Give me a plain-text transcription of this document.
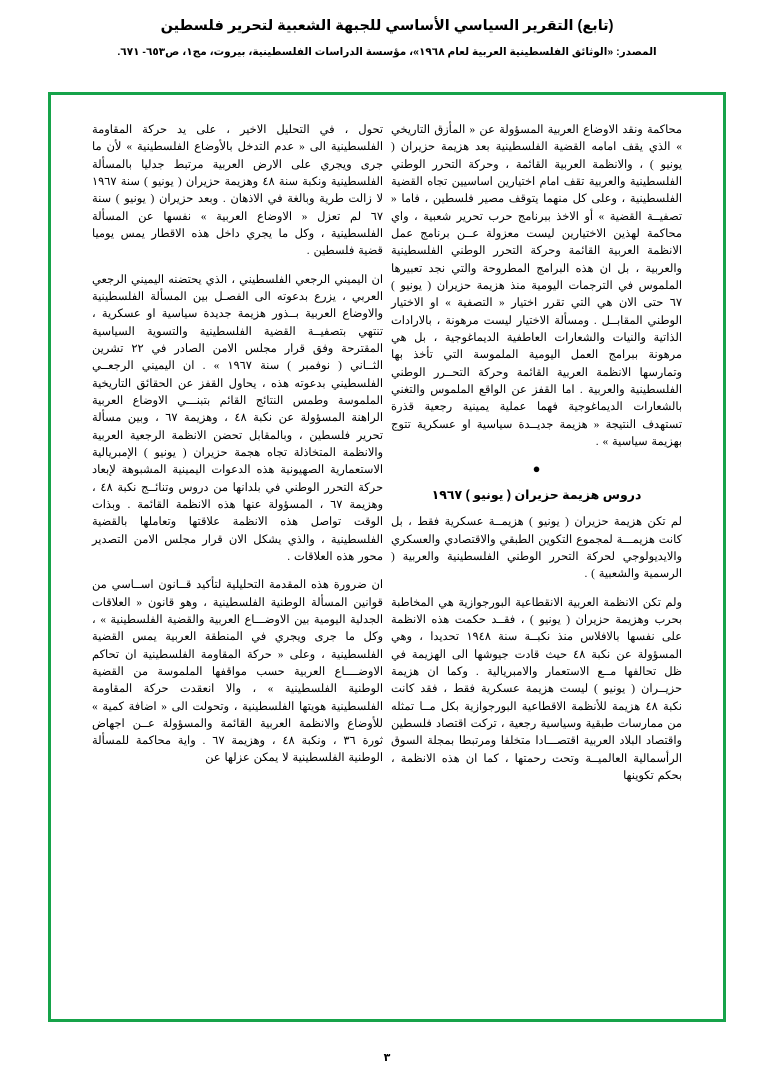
(تابع) التقرير السياسي الأساسي للجبهة الشعبية لتحرير فلسطين
المصدر: «الوثائق الفلسطينية العربية لعام ١٩٦٨»، مؤسسة الدراسات الفلسطينية، بيروت، مج١، ص٦٥٣- ٦٧١.

تحول ، في التحليل الاخير ، على يد حركة المقاومة الفلسطينية الى « عدم التدخل بالأوضاع الفلسطينية » لأن ما جرى ويجري على الارض العربية مرتبط جدليا بالمسألة الفلسطينية ونكبة سنة ٤٨ وهزيمة حزيران ( يونيو ) سنة ١٩٦٧ لا زالت طرية وبالغة في الاذهان . وبعد حزيران ( يونيو ) سنة ٦٧ لم تعزل « الاوضاع العربية » نفسها عن المسألة الفلسطينية ، وكل ما يجري داخل هذه الاقطار يمس يوميا قضية فلسطين .

ان اليميني الرجعي الفلسطيني ، الذي يحتضنه اليميني الرجعي العربي ، يزرع بدعوته الى الفصـل بين المسألة الفلسطينية والاوضاع العربية بــذور هزيمة جديدة سياسية او عسكرية ، تنتهي بتصفيــة القضية الفلسطينية والتسوية السياسية المقترحة وفق قرار مجلس الامن الصادر في ٢٢ تشرين الثــاني ( نوفمبر ) سنة ١٩٦٧ » . ان اليميني الرجعــي الفلسطيني بدعوته هذه ، يحاول القفز عن الحقائق التاريخية الملموسة وطمس النتائج القائم بتبنـــي الاوضاع العربية الراهنة المسؤولة عن نكبة ٤٨ ، وهزيمة ٦٧ ، وبين مسألة تحرير فلسطين ، وبالمقابل تحضن الانظمة الرجعية العربية والانظمة المتخاذلة تجاه هجمة حزيران ( يونيو ) الإمبريالية الاستعمارية الصهيونية هذه الدعوات اليمينية المشبوهة لإبعاد حركة التحرر الوطني في بلدانها من دروس وتنائــج نكبة ٤٨ ، وهزيمة ٦٧ ، المسؤولة عنها هذه الانظمة القائمة . وبذات الوقت تواصل هذه الانظمة علاقتها وتعاملها بالقضية الفلسطينية ، والذي يشكل الان قرار مجلس الامن التصدير محور هذه العلاقات .

ان ضرورة هذه المقدمة التحليلية لتأكيد قــانون اســاسي من قوانين المسألة الوطنية الفلسطينية ، وهو قانون « العلاقات الجدلية اليومية بين الاوضـــاع العربية والقضية الفلسطينية » ، وكل ما جرى ويجري في المنطقة العربية يمس القضية الفلسطينية ، وعلى « حركة المقاومة الفلسطينية ان تحاكم الاوضــــاع العربية حسب مواقفها الملموسة من القضية الوطنية الفلسطينية » ، والا انعقدت حركة المقاومة الفلسطينية هويتها الفلسطينية ، وتحولت الى « اضافة كمية » للأوضاع والانظمة العربية القائمة والمسؤولة عــن اجهاض ثورة ٣٦ ، ونكبة ٤٨ ، وهزيمة ٦٧ . واية محاكمة للمسألة الوطنية الفلسطينية لا يمكن عزلها عن

محاكمة ونقد الاوضاع العربية المسؤولة عن « المأزق التاريخي » الذي يقف امامه القضية الفلسطينية بعد هزيمة حزيران ( يونيو ) ، والانظمة العربية القائمة ، وحركة التحرر الوطني الفلسطينية والعربية تقف امام اختيارين اساسيين تجاه القضية الفلسطينية ، وعلى كل منهما يتوقف مصير فلسطين ، فاما « تصفيــة القضية » أو الاخذ ببرنامج حرب تحرير شعبية ، واي محاكمة لهذين الاختيارين ليست معزولة عــن برنامج عمل الانظمة العربية القائمة وحركة التحرر الوطني الفلسطينية والعربية ، بل ان هذه البرامج المطروحة والتي نجد تعبيرها الملموس في الترجمات اليومية منذ هزيمة حزيران ( يونيو ) ٦٧ حتى الان هي التي تقرر اختيار « التصفية » او الاختيار الوطني المقابــل . ومسألة الاختيار ليست مرهونة ، بالارادات الذاتية والنيات والشعارات العاطفية الديماغوجية ، بل هي مرهونة ببرامج العمل اليومية الملموسة التي تأخذ بها وتمارسها الانظمة العربية القائمة وحركة التحــرر الوطني الفلسطينية والعربية . اما القفز عن الواقع الملموس والتغني بالشعارات الديماغوجية فهما عملية يمينية رجعية قذرة تستهدف النتيجة « هزيمة جديــدة سياسية او عسكرية تتوج بهزيمة سياسية » .

●
دروس هزيمة حزيران ( يونيو ) ١٩٦٧

لم تكن هزيمة حزيران ( يونيو ) هزيمــة عسكرية فقط ، بل كانت هزيمـــة لمجموع التكوين الطبقي والاقتصادي والعسكري والايديولوجي لحركة التحرر الوطني الفلسطينية والعربية ( الرسمية والشعبية ) .

ولم تكن الانظمة العربية الانقطاعية البورجوازية هي المخاطبة بحرب وهزيمة حزيران ( يونيو ) ، فقــد حكمت هذه الانظمة على نفسها بالافلاس منذ نكبــة سنة ١٩٤٨ تحديدا ، وهي المسؤولة عن نكبة ٤٨ حيث قادت جيوشها الى الهزيمة في ظل تحالفها مــع الاستعمار والامبريالية . وكما ان هزيمة حزيــران ( يونيو ) ليست هزيمة عسكرية فقط ، فقد كانت نكبة ٤٨ هزيمة للأنظمة الاقطاعية البورجوازية بكل مــا تمثله من ممارسات طبقية وسياسية رجعية ، تركت اقتصاد فلسطين واقتصاد البلاد العربية اقتصـــادا متخلفا ومرتبطا بمجلة السوق الرأسمالية العالميــة وتحت رحمتها ، كما ان هذه الانظمة ، بحكم تكوينها

٣
